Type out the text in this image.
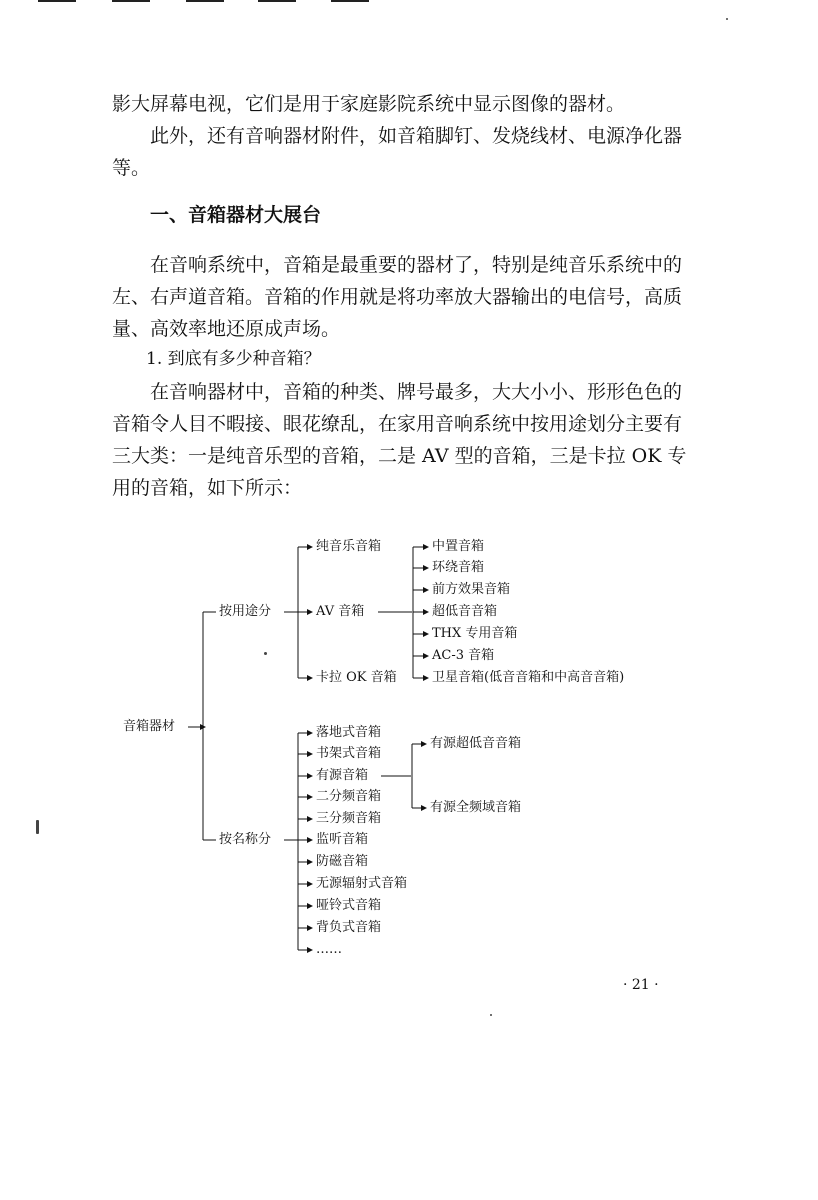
影大屏幕电视，它们是用于家庭影院系统中显示图像的器材。

此外，还有音响器材附件，如音箱脚钉、发烧线材、电源净化器等。

一、音箱器材大展台

在音响系统中，音箱是最重要的器材了，特别是纯音乐系统中的左、右声道音箱。音箱的作用就是将功率放大器输出的电信号，高质量、高效率地还原成声场。

1. 到底有多少种音箱？

在音响器材中，音箱的种类、牌号最多，大大小小、形形色色的音箱令人目不暇接、眼花缭乱，在家用音响系统中按用途划分主要有三大类：一是纯音乐型的音箱，二是 AV 型的音箱，三是卡拉 OK 专用的音箱，如下所示：

音箱器材
按用途分
按名称分
纯音乐音箱
AV 音箱
卡拉 OK 音箱
中置音箱
环绕音箱
前方效果音箱
超低音音箱
THX 专用音箱
AC-3 音箱
卫星音箱(低音音箱和中高音音箱)
落地式音箱
书架式音箱
有源音箱
二分频音箱
三分频音箱
监听音箱
防磁音箱
无源辐射式音箱
哑铃式音箱
背负式音箱
……
有源超低音音箱
有源全频域音箱
· 21 ·
